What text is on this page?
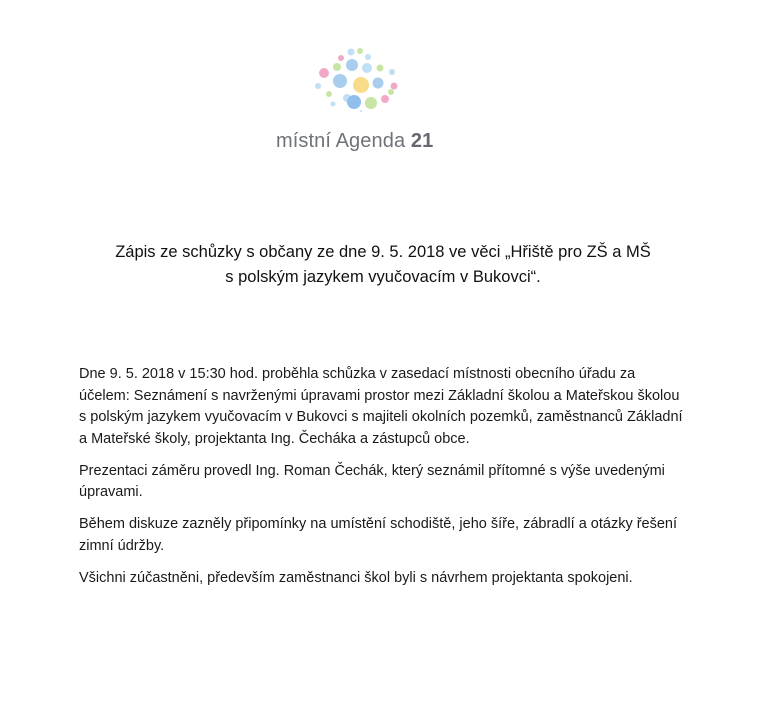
místní Agenda 21
Zápis ze schůzky s občany ze dne 9. 5. 2018 ve věci „Hřiště pro ZŠ a MŠ
s polským jazykem vyučovacím v Bukovci“.

Dne 9. 5. 2018 v 15:30 hod. proběhla schůzka v zasedací místnosti obecního úřadu za
účelem: Seznámení s navrženými úpravami prostor mezi Základní školou a Mateřskou školou
s polským jazykem vyučovacím v Bukovci s majiteli okolních pozemků, zaměstnanců Základní
a Mateřské školy, projektanta Ing. Čecháka a zástupců obce.

Prezentaci záměru provedl Ing. Roman Čechák, který seznámil přítomné s výše uvedenými
úpravami.

Během diskuze zazněly připomínky na umístění schodiště, jeho šíře, zábradlí a otázky řešení
zimní údržby.

Všichni zúčastněni, především zaměstnanci škol byli s návrhem projektanta spokojeni.
